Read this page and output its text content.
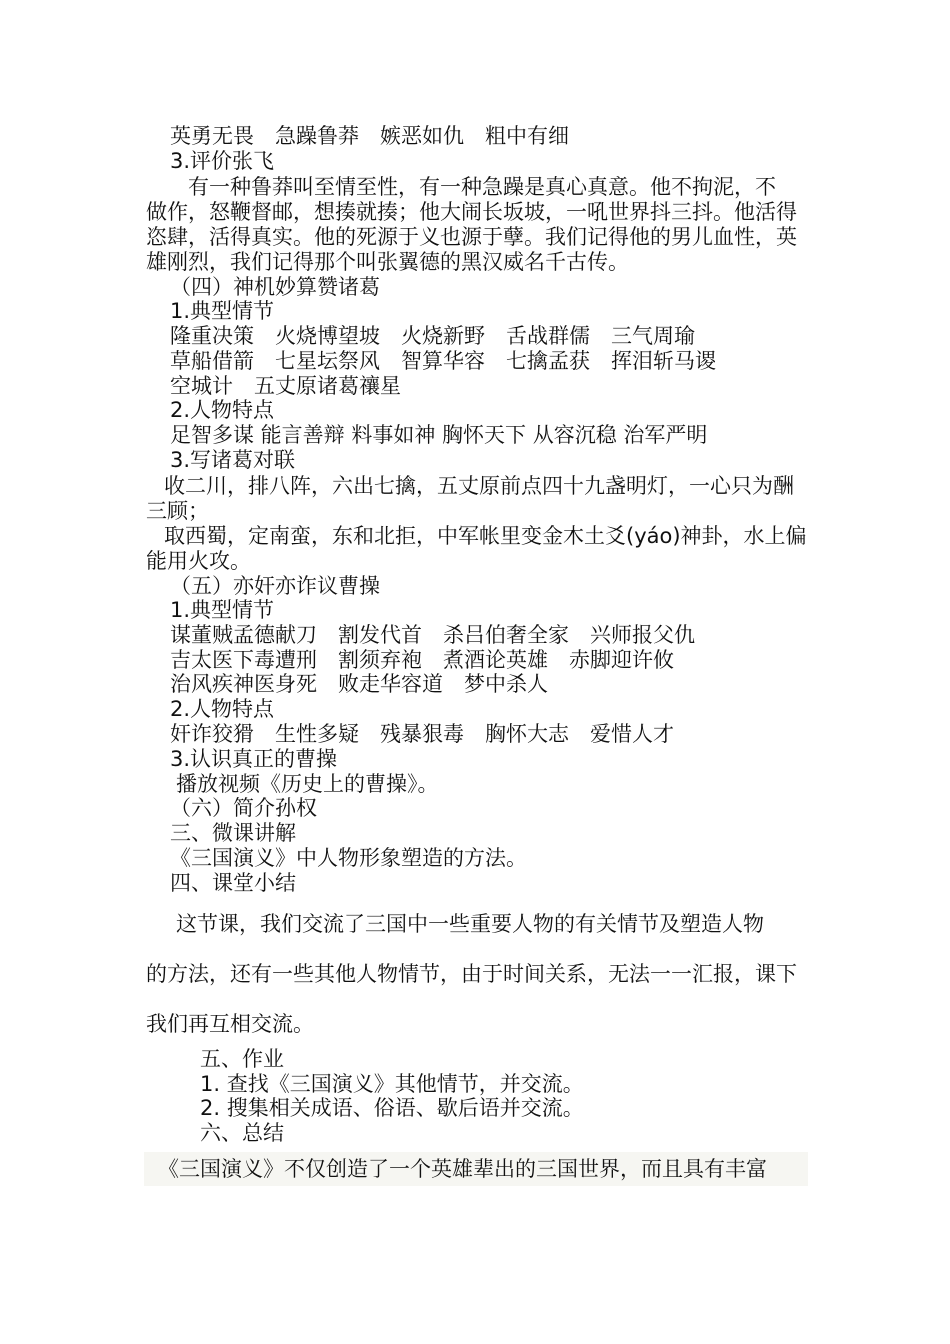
英勇无畏　急躁鲁莽　嫉恶如仇　粗中有细
3.评价张飞
有一种鲁莽叫至情至性，有一种急躁是真心真意。他不拘泥，不
做作，怒鞭督邮，想揍就揍；他大闹长坂坡，一吼世界抖三抖。他活得
恣肆，活得真实。他的死源于义也源于孽。我们记得他的男儿血性，英
雄刚烈，我们记得那个叫张翼德的黑汉威名千古传。
（四）神机妙算赞诸葛
1.典型情节
隆重决策　火烧博望坡　火烧新野　舌战群儒　三气周瑜
草船借箭　七星坛祭风　智算华容　七擒孟获　挥泪斩马谡
空城计　五丈原诸葛禳星
2.人物特点
足智多谋 能言善辩 料事如神 胸怀天下 从容沉稳 治军严明
3.写诸葛对联
收二川，排八阵，六出七擒，五丈原前点四十九盏明灯，一心只为酬
三顾；
取西蜀，定南蛮，东和北拒，中军帐里变金木土爻(yáo)神卦，水上偏
能用火攻。
（五）亦奸亦诈议曹操
1.典型情节
谋董贼孟德献刀　割发代首　杀吕伯奢全家　兴师报父仇
吉太医下毒遭刑　割须弃袍　煮酒论英雄　赤脚迎许攸
治风疾神医身死　败走华容道　梦中杀人
2.人物特点
奸诈狡猾　生性多疑　残暴狠毒　胸怀大志　爱惜人才
3.认识真正的曹操
播放视频《历史上的曹操》。
（六）简介孙权
三、微课讲解
《三国演义》中人物形象塑造的方法。
四、课堂小结
这节课，我们交流了三国中一些重要人物的有关情节及塑造人物
的方法，还有一些其他人物情节，由于时间关系，无法一一汇报，课下
我们再互相交流。
五、作业
1. 查找《三国演义》其他情节，并交流。
2. 搜集相关成语、俗语、歇后语并交流。
六、总结
《三国演义》不仅创造了一个英雄辈出的三国世界，而且具有丰富
